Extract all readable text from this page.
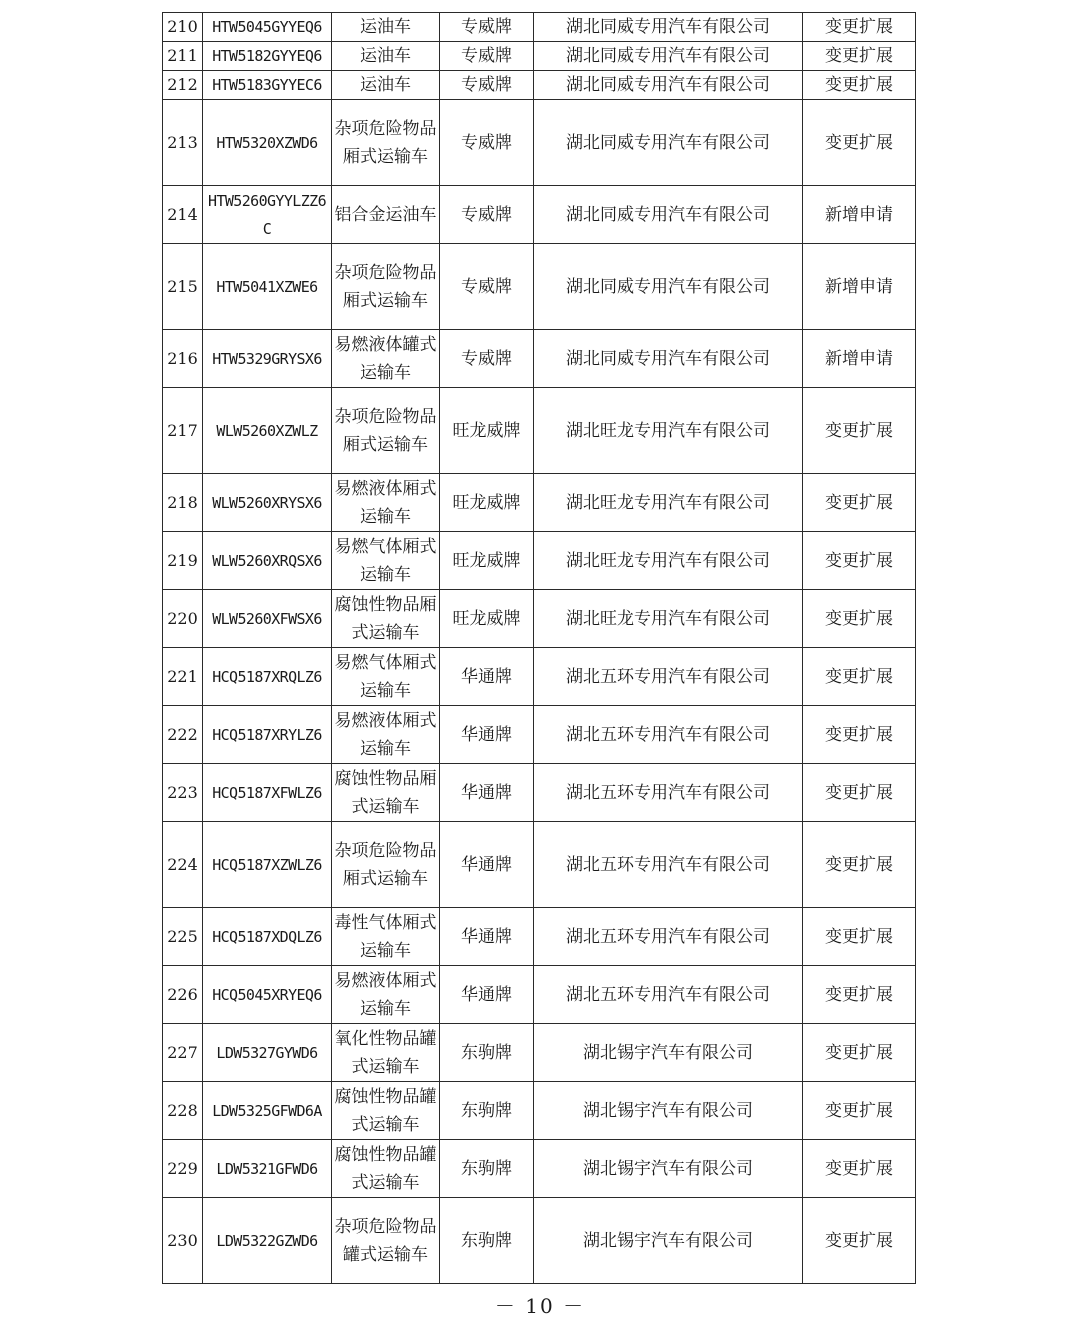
210	HTW5045GYYEQ6	运油车	专威牌	湖北同威专用汽车有限公司	变更扩展
211	HTW5182GYYEQ6	运油车	专威牌	湖北同威专用汽车有限公司	变更扩展
212	HTW5183GYYEC6	运油车	专威牌	湖北同威专用汽车有限公司	变更扩展
213	HTW5320XZWD6	杂项危险物品厢式运输车	专威牌	湖北同威专用汽车有限公司	变更扩展
214	HTW5260GYYLZZ6C	铝合金运油车	专威牌	湖北同威专用汽车有限公司	新增申请
215	HTW5041XZWE6	杂项危险物品厢式运输车	专威牌	湖北同威专用汽车有限公司	新增申请
216	HTW5329GRYSX6	易燃液体罐式运输车	专威牌	湖北同威专用汽车有限公司	新增申请
217	WLW5260XZWLZ	杂项危险物品厢式运输车	旺龙威牌	湖北旺龙专用汽车有限公司	变更扩展
218	WLW5260XRYSX6	易燃液体厢式运输车	旺龙威牌	湖北旺龙专用汽车有限公司	变更扩展
219	WLW5260XRQSX6	易燃气体厢式运输车	旺龙威牌	湖北旺龙专用汽车有限公司	变更扩展
220	WLW5260XFWSX6	腐蚀性物品厢式运输车	旺龙威牌	湖北旺龙专用汽车有限公司	变更扩展
221	HCQ5187XRQLZ6	易燃气体厢式运输车	华通牌	湖北五环专用汽车有限公司	变更扩展
222	HCQ5187XRYLZ6	易燃液体厢式运输车	华通牌	湖北五环专用汽车有限公司	变更扩展
223	HCQ5187XFWLZ6	腐蚀性物品厢式运输车	华通牌	湖北五环专用汽车有限公司	变更扩展
224	HCQ5187XZWLZ6	杂项危险物品厢式运输车	华通牌	湖北五环专用汽车有限公司	变更扩展
225	HCQ5187XDQLZ6	毒性气体厢式运输车	华通牌	湖北五环专用汽车有限公司	变更扩展
226	HCQ5045XRYEQ6	易燃液体厢式运输车	华通牌	湖北五环专用汽车有限公司	变更扩展
227	LDW5327GYWD6	氧化性物品罐式运输车	东驹牌	湖北锡宇汽车有限公司	变更扩展
228	LDW5325GFWD6A	腐蚀性物品罐式运输车	东驹牌	湖北锡宇汽车有限公司	变更扩展
229	LDW5321GFWD6	腐蚀性物品罐式运输车	东驹牌	湖北锡宇汽车有限公司	变更扩展
230	LDW5322GZWD6	杂项危险物品罐式运输车	东驹牌	湖北锡宇汽车有限公司	变更扩展
－ 10 －
